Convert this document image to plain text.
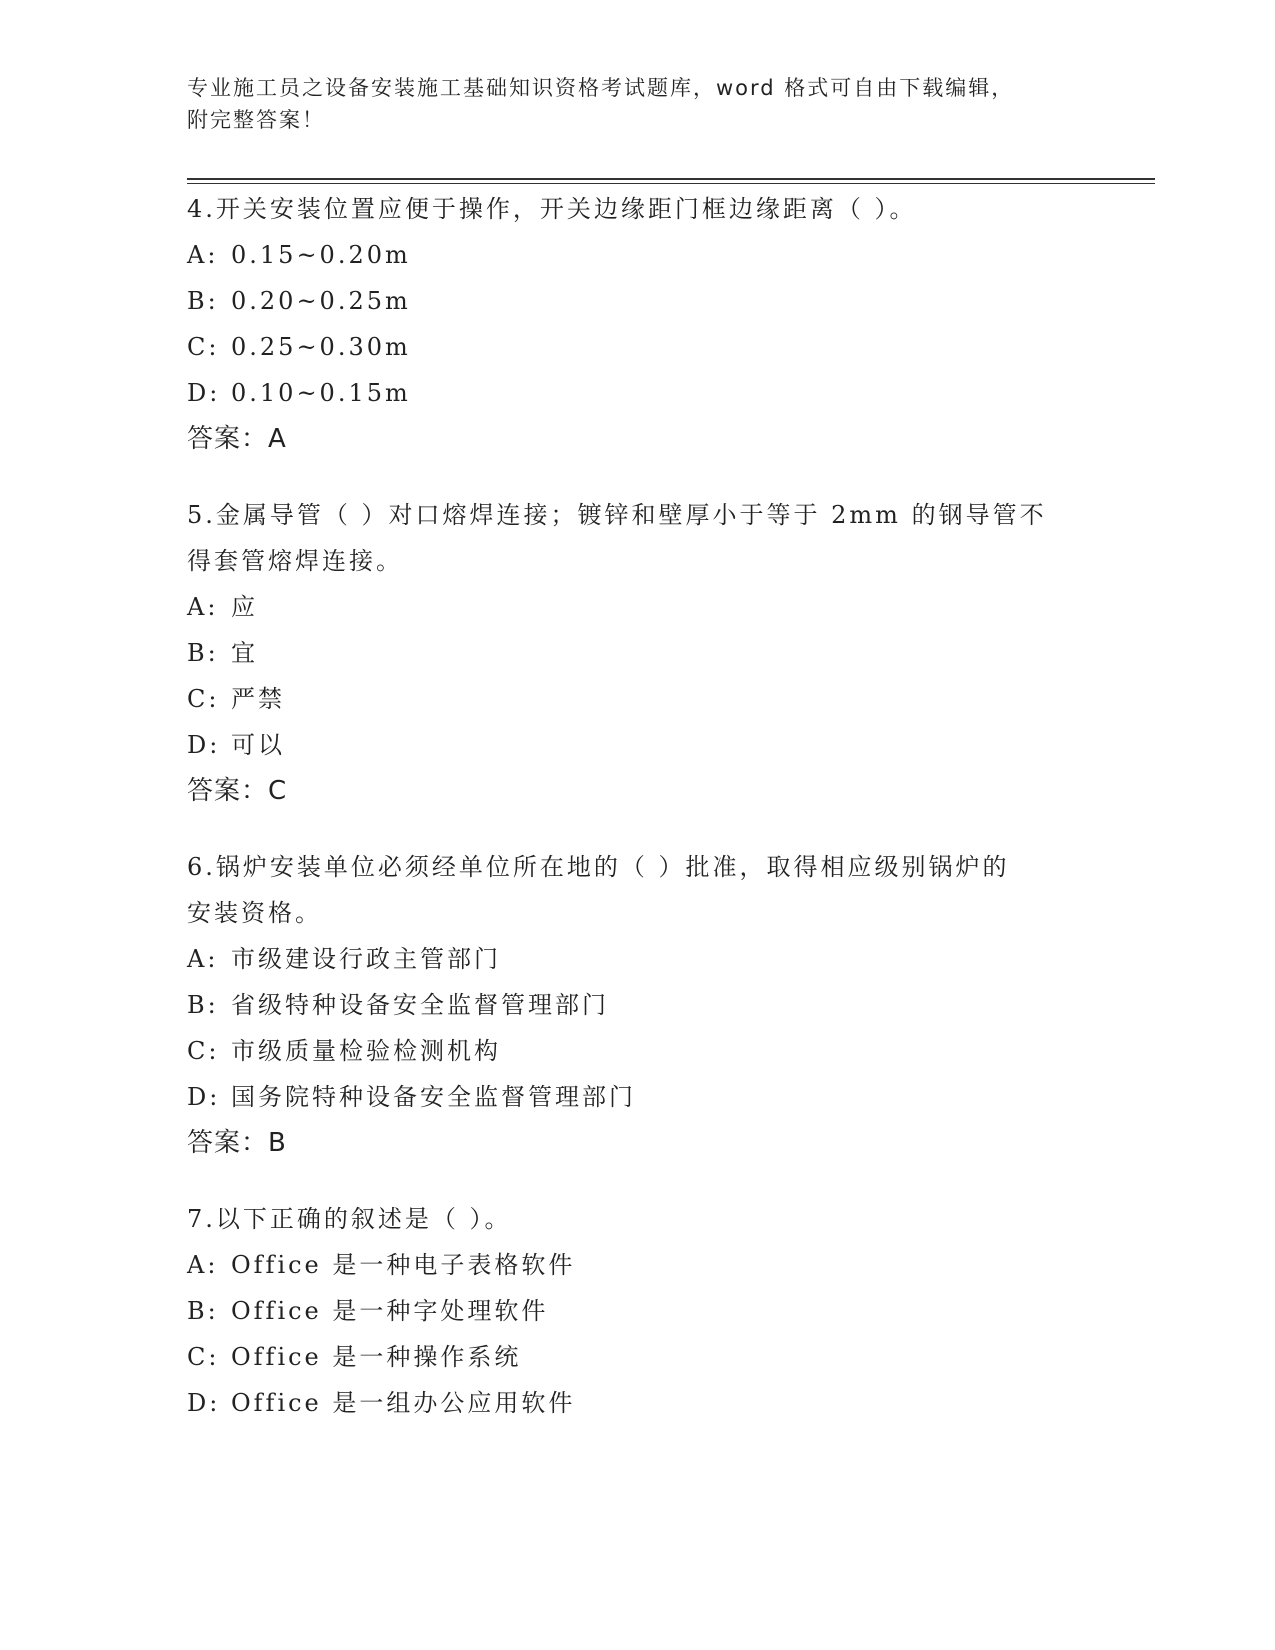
专业施工员之设备安装施工基础知识资格考试题库，word 格式可自由下载编辑，
附完整答案！
4.开关安装位置应便于操作，开关边缘距门框边缘距离（ ）。
A: 0.15~0.20m
B: 0.20~0.25m
C: 0.25~0.30m
D: 0.10~0.15m
答案：A
5.金属导管（ ）对口熔焊连接；镀锌和壁厚小于等于 2mm 的钢导管不
得套管熔焊连接。
A: 应
B: 宜
C: 严禁
D: 可以
答案：C
6.锅炉安装单位必须经单位所在地的（ ）批准，取得相应级别锅炉的
安装资格。
A: 市级建设行政主管部门
B: 省级特种设备安全监督管理部门
C: 市级质量检验检测机构
D: 国务院特种设备安全监督管理部门
答案：B
7.以下正确的叙述是（ ）。
A: Office 是一种电子表格软件
B: Office 是一种字处理软件
C: Office 是一种操作系统
D: Office 是一组办公应用软件
